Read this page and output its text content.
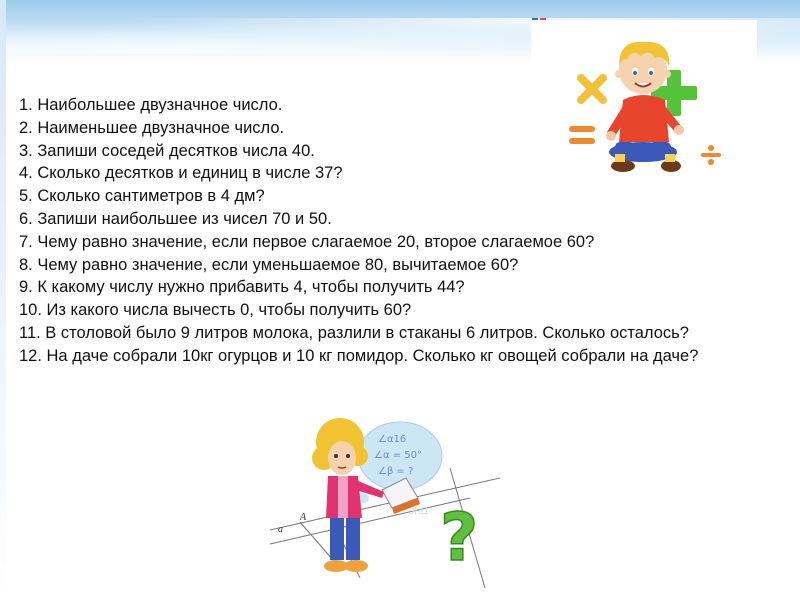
1. Наибольшее двузначное число.
2. Наименьшее двузначное число.
3. Запиши соседей десятков числа 40.
4. Сколько десятков и единиц в числе 37?
5. Сколько сантиметров в 4 дм?
6. Запиши наибольшее из чисел 70 и 50.
7. Чему равно значение, если первое слагаемое 20, второе слагаемое 60?
8. Чему равно значение, если уменьшаемое 80, вычитаемое 60?
9. К какому числу нужно прибавить 4, чтобы получить 44?
10. Из какого числа вычесть 0, чтобы получить 60?
11. В столовой было 9 литров молока, разлили в стаканы 6 литров. Сколько осталось?
12. На даче собрали 10кг огурцов и 10 кг помидор. Сколько кг овощей собрали на даче?
a
A
∠α16
∠α = 50°
∠β = ?
?
ЭНЦ
